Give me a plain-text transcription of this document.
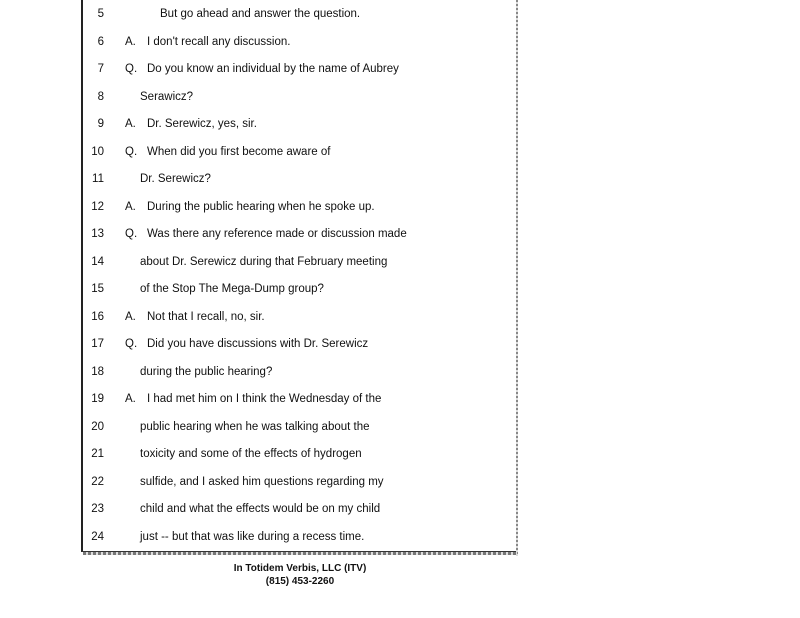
5	But go ahead and answer the question.
6 A. I don't recall any discussion.
7 Q. Do you know an individual by the name of Aubrey
8	Serawicz?
9 A. Dr. Serewicz, yes, sir.
10 Q. When did you first become aware of
11	Dr. Serewicz?
12 A. During the public hearing when he spoke up.
13 Q. Was there any reference made or discussion made
14	about Dr. Serewicz during that February meeting
15	of the Stop The Mega-Dump group?
16 A. Not that I recall, no, sir.
17 Q. Did you have discussions with Dr. Serewicz
18	during the public hearing?
19 A. I had met him on I think the Wednesday of the
20	public hearing when he was talking about the
21	toxicity and some of the effects of hydrogen
22	sulfide, and I asked him questions regarding my
23	child and what the effects would be on my child
24	just -- but that was like during a recess time.
In Totidem Verbis, LLC (ITV)
(815) 453-2260
